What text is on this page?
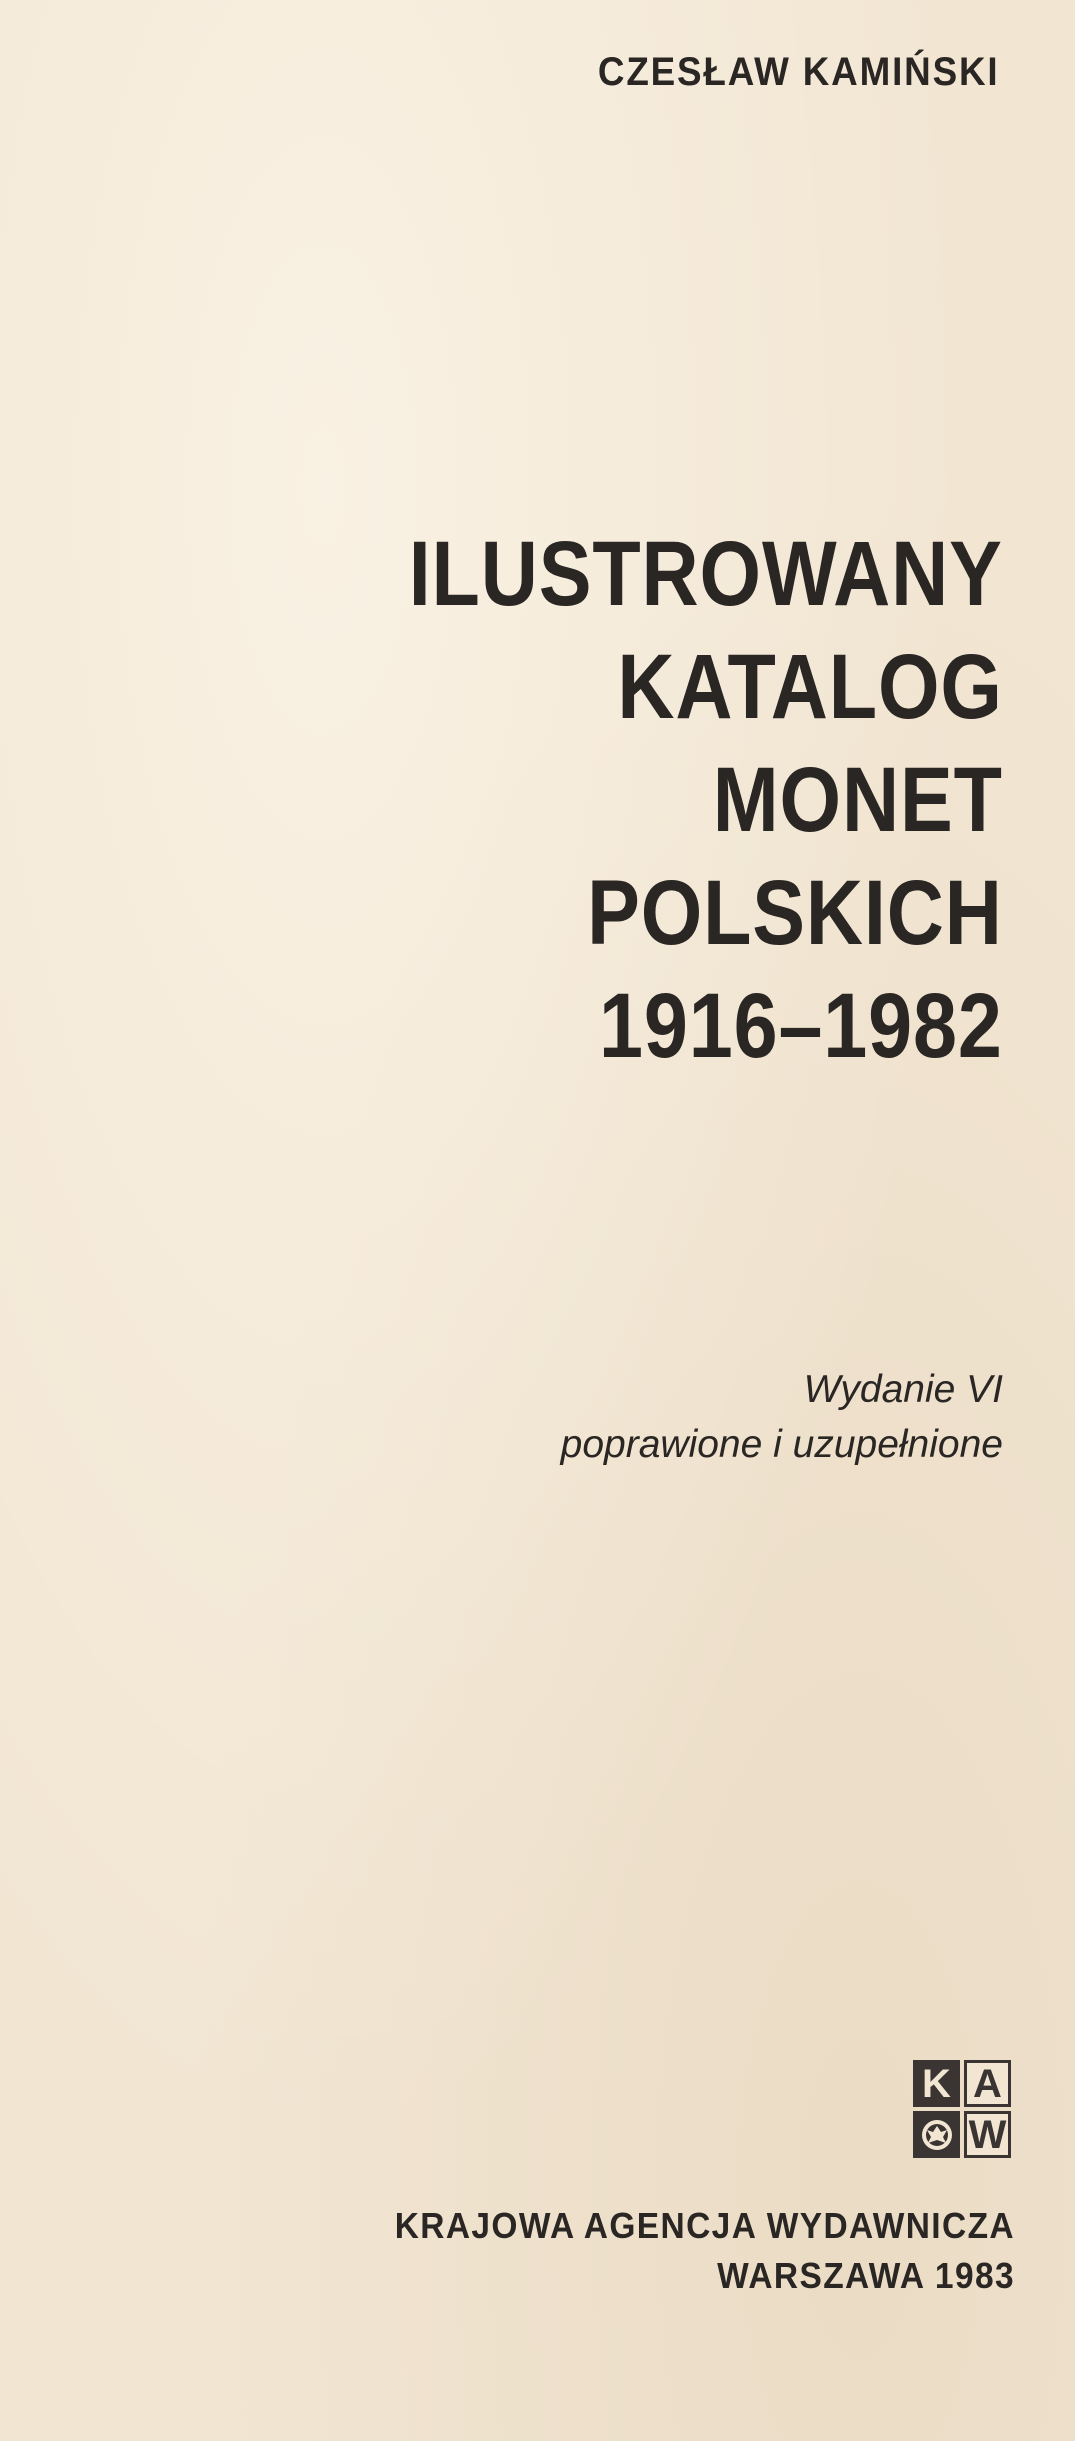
CZESŁAW KAMIŃSKI
ILUSTROWANY
KATALOG
MONET
POLSKICH
1916–1982
Wydanie VI
poprawione i uzupełnione
K A
W
KRAJOWA AGENCJA WYDAWNICZA
WARSZAWA 1983
